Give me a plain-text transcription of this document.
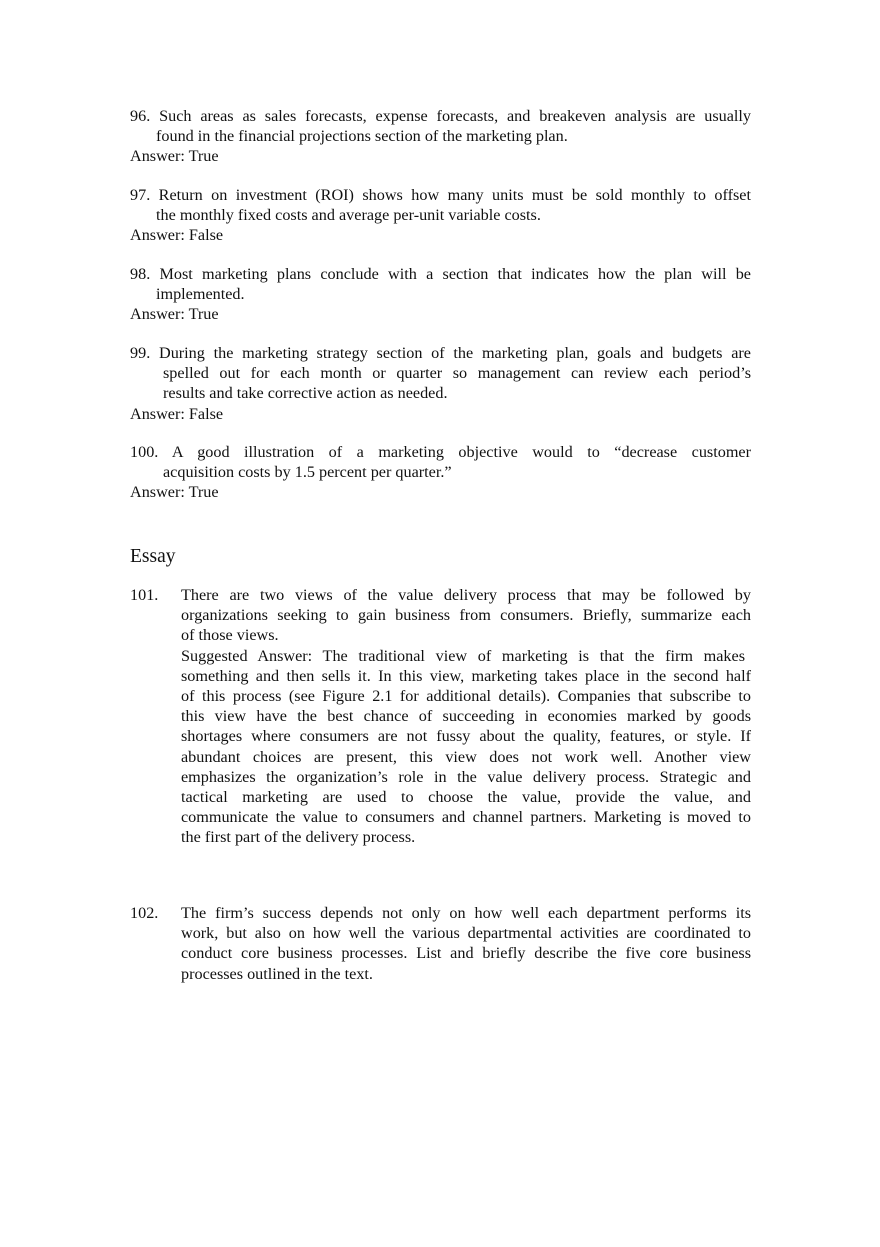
96. Such areas as sales forecasts, expense forecasts, and breakeven analysis are usually
found in the financial projections section of the marketing plan.
Answer: True
97. Return on investment (ROI) shows how many units must be sold monthly to offset
the monthly fixed costs and average per-unit variable costs.
Answer: False
98. Most marketing plans conclude with a section that indicates how the plan will be
implemented.
Answer: True
99. During the marketing strategy section of the marketing plan, goals and budgets are
spelled out for each month or quarter so management can review each period’s
results and take corrective action as needed.
Answer: False
100. A good illustration of a marketing objective would to “decrease customer
acquisition costs by 1.5 percent per quarter.”
Answer: True
Essay
101. There are two views of the value delivery process that may be followed by
organizations seeking to gain business from consumers. Briefly, summarize each
of those views.
Suggested Answer: The traditional view of marketing is that the firm makes
something and then sells it. In this view, marketing takes place in the second half
of this process (see Figure 2.1 for additional details). Companies that subscribe to
this view have the best chance of succeeding in economies marked by goods
shortages where consumers are not fussy about the quality, features, or style. If
abundant choices are present, this view does not work well. Another view
emphasizes the organization’s role in the value delivery process. Strategic and
tactical marketing are used to choose the value, provide the value, and
communicate the value to consumers and channel partners. Marketing is moved to
the first part of the delivery process.
102. The firm’s success depends not only on how well each department performs its
work, but also on how well the various departmental activities are coordinated to
conduct core business processes. List and briefly describe the five core business
processes outlined in the text.
